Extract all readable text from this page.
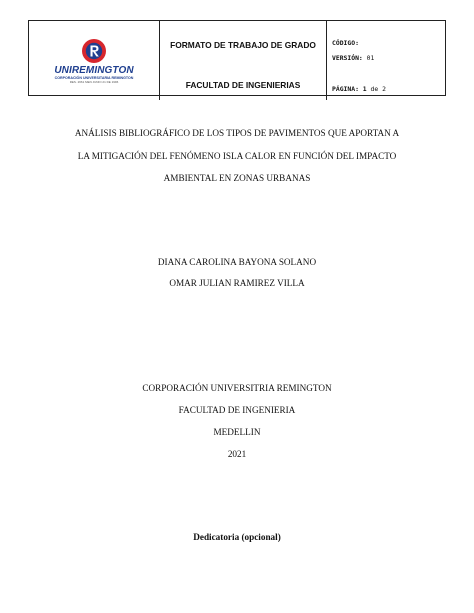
UNIREMINGTON
CORPORACIÓN UNIVERSITARIA REMINGTON
RES. 2661 MEN JUNIO 21 DE 1996
FORMATO DE TRABAJO DE GRADO	CÓDIGO:
VERSIÓN: 01
FACULTAD DE INGENIERIAS	PÁGINA: 1 de 2
ANÁLISIS BIBLIOGRÁFICO DE LOS TIPOS DE PAVIMENTOS QUE APORTAN A
LA MITIGACIÓN DEL FENÓMENO ISLA CALOR EN FUNCIÓN DEL IMPACTO
AMBIENTAL EN ZONAS URBANAS
DIANA CAROLINA BAYONA SOLANO
OMAR JULIAN RAMIREZ VILLA
CORPORACIÓN UNIVERSITRIA REMINGTON
FACULTAD DE INGENIERIA
MEDELLIN
2021
Dedicatoria (opcional)
